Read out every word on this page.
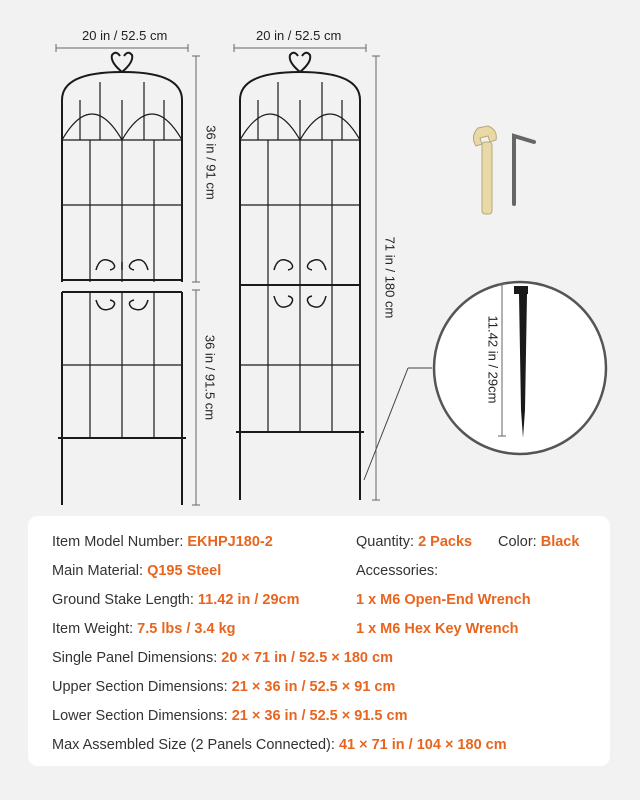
20 in / 52.5 cm	20 in / 52.5 cm
36 in / 91 cm
36 in / 91.5 cm
71 in / 180 cm
11.42 in / 29cm
Item Model Number: EKHPJ180-2	Quantity: 2 Packs Color: Black
Main Material: Q195 Steel	Accessories:
Ground Stake Length: 11.42 in / 29cm	1 x M6 Open-End Wrench
Item Weight: 7.5 lbs / 3.4 kg	1 x M6 Hex Key Wrench
Single Panel Dimensions: 20 × 71 in / 52.5 × 180 cm
Upper Section Dimensions: 21 × 36 in / 52.5 × 91 cm
Lower Section Dimensions: 21 × 36 in / 52.5 × 91.5 cm
Max Assembled Size (2 Panels Connected): 41 × 71 in / 104 × 180 cm
